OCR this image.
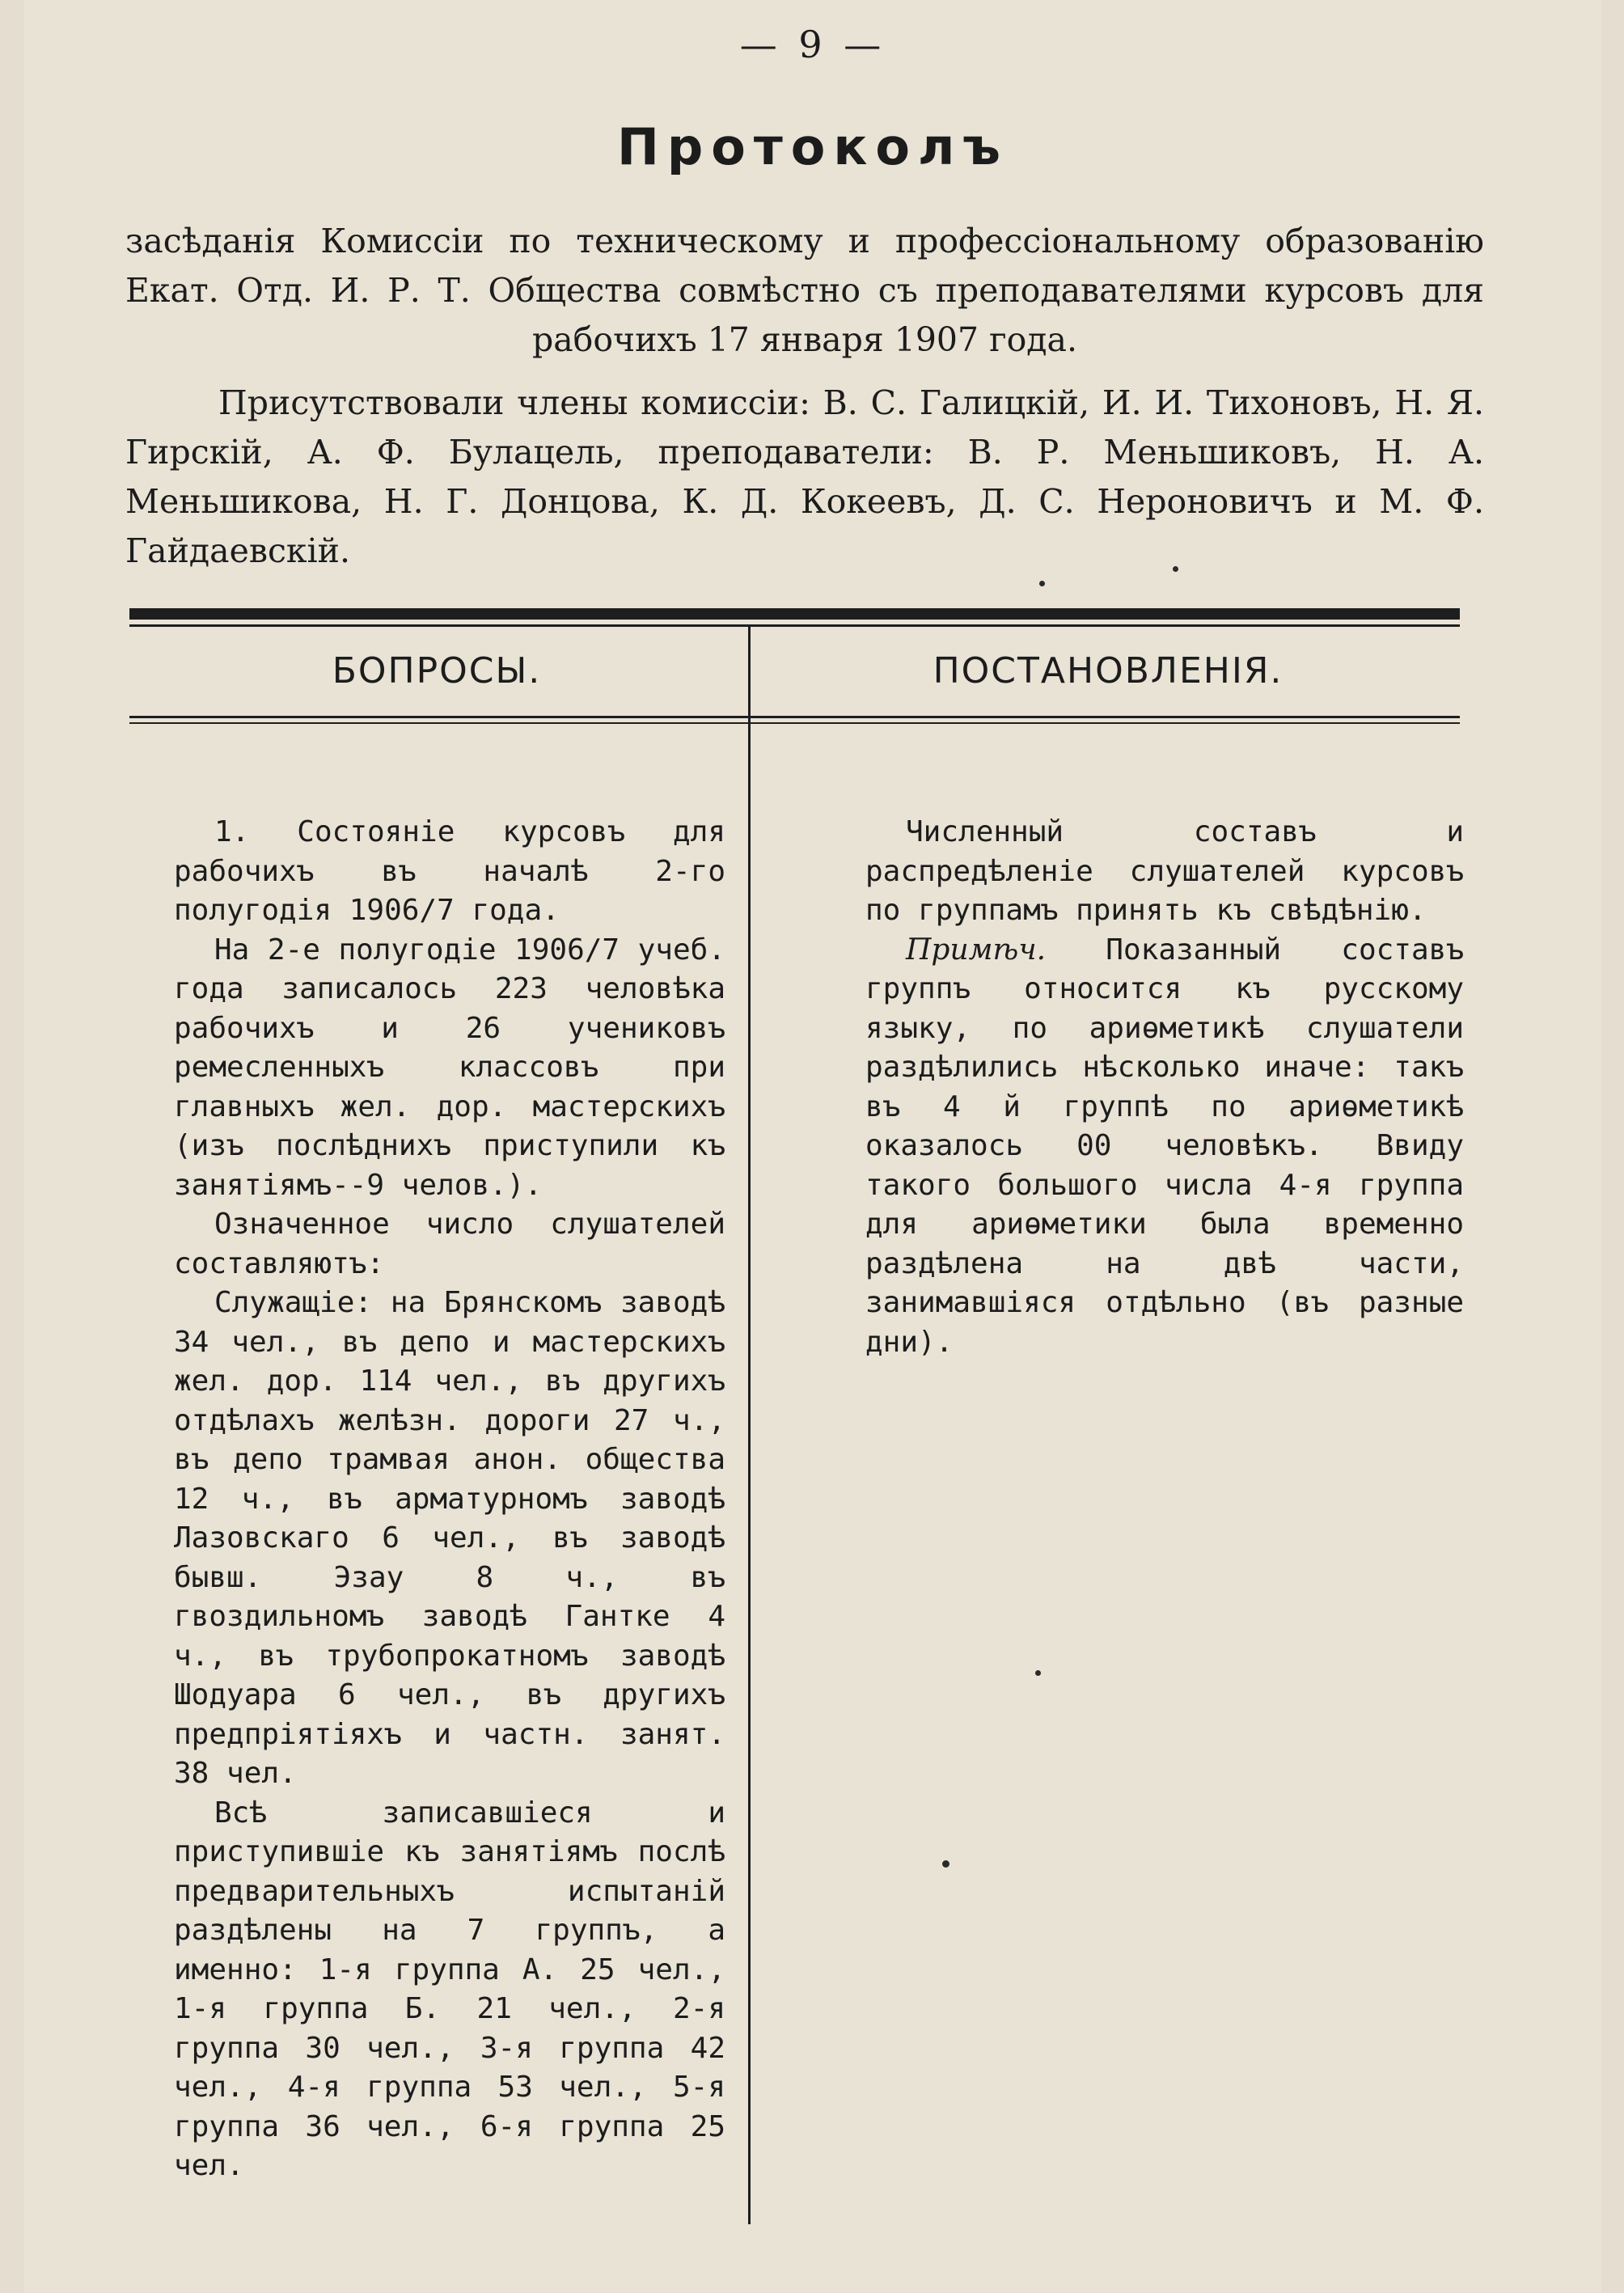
— 9 —
Протоколъ
засѣданія Комиссіи по техническому и профессіональному образованію Екат. Отд. И. Р. Т. Общества совмѣстно съ преподавателями курсовъ для рабочихъ 17 января 1907 года.
Присутствовали члены комиссіи: В. С. Галицкій, И. И. Тихоновъ, Н. Я. Гирскій, А. Ф. Булацель, преподаватели: В. Р. Меньшиковъ, Н. А. Меньшикова, Н. Г. Донцова, К. Д. Кокеевъ, Д. С. Нероновичъ и М. Ф. Гайдаевскій.
БОПРОСЫ.	ПОСТАНОВЛЕНІЯ.

1. Состояніе курсовъ для рабочихъ въ началѣ 2-го полугодія 1906/7 года.

На 2-е полугодіе 1906/7 учеб. года записалось 223 человѣка рабочихъ и 26 учениковъ ремесленныхъ классовъ при главныхъ жел. дор. мастерскихъ (изъ послѣднихъ приступили къ занятіямъ--9 челов.).

Означенное число слушателей составляютъ:

Служащіе: на Брянскомъ заводѣ 34 чел., въ депо и мастерскихъ жел. дор. 114 чел., въ другихъ отдѣлахъ желѣзн. дороги 27 ч., въ депо трамвая анон. общества 12 ч., въ арматурномъ заводѣ Лазовскаго 6 чел., въ заводѣ бывш. Эзау 8 ч., въ гвоздильномъ заводѣ Гантке 4 ч., въ трубопрокатномъ заводѣ Шодуара 6 чел., въ другихъ предпріятіяхъ и частн. занят. 38 чел.

Всѣ записавшіеся и приступившіе къ занятіямъ послѣ предварительныхъ испытаній раздѣлены на 7 группъ, а именно: 1-я группа А. 25 чел., 1-я группа Б. 21 чел., 2-я группа 30 чел., 3-я группа 42 чел., 4-я группа 53 чел., 5-я группа 36 чел., 6-я группа 25 чел.

Численный составъ и распредѣленіе слушателей курсовъ по группамъ принять къ свѣдѣнію.

Примѣч. Показанный составъ группъ относится къ русскому языку, по ариѳметикѣ слушатели раздѣлились нѣсколько иначе: такъ въ 4 й группѣ по ариѳметикѣ оказалось 00 человѣкъ. Ввиду такого большого числа 4-я группа для ариѳметики была временно раздѣлена на двѣ части, занимавшіяся отдѣльно (въ разные дни).
